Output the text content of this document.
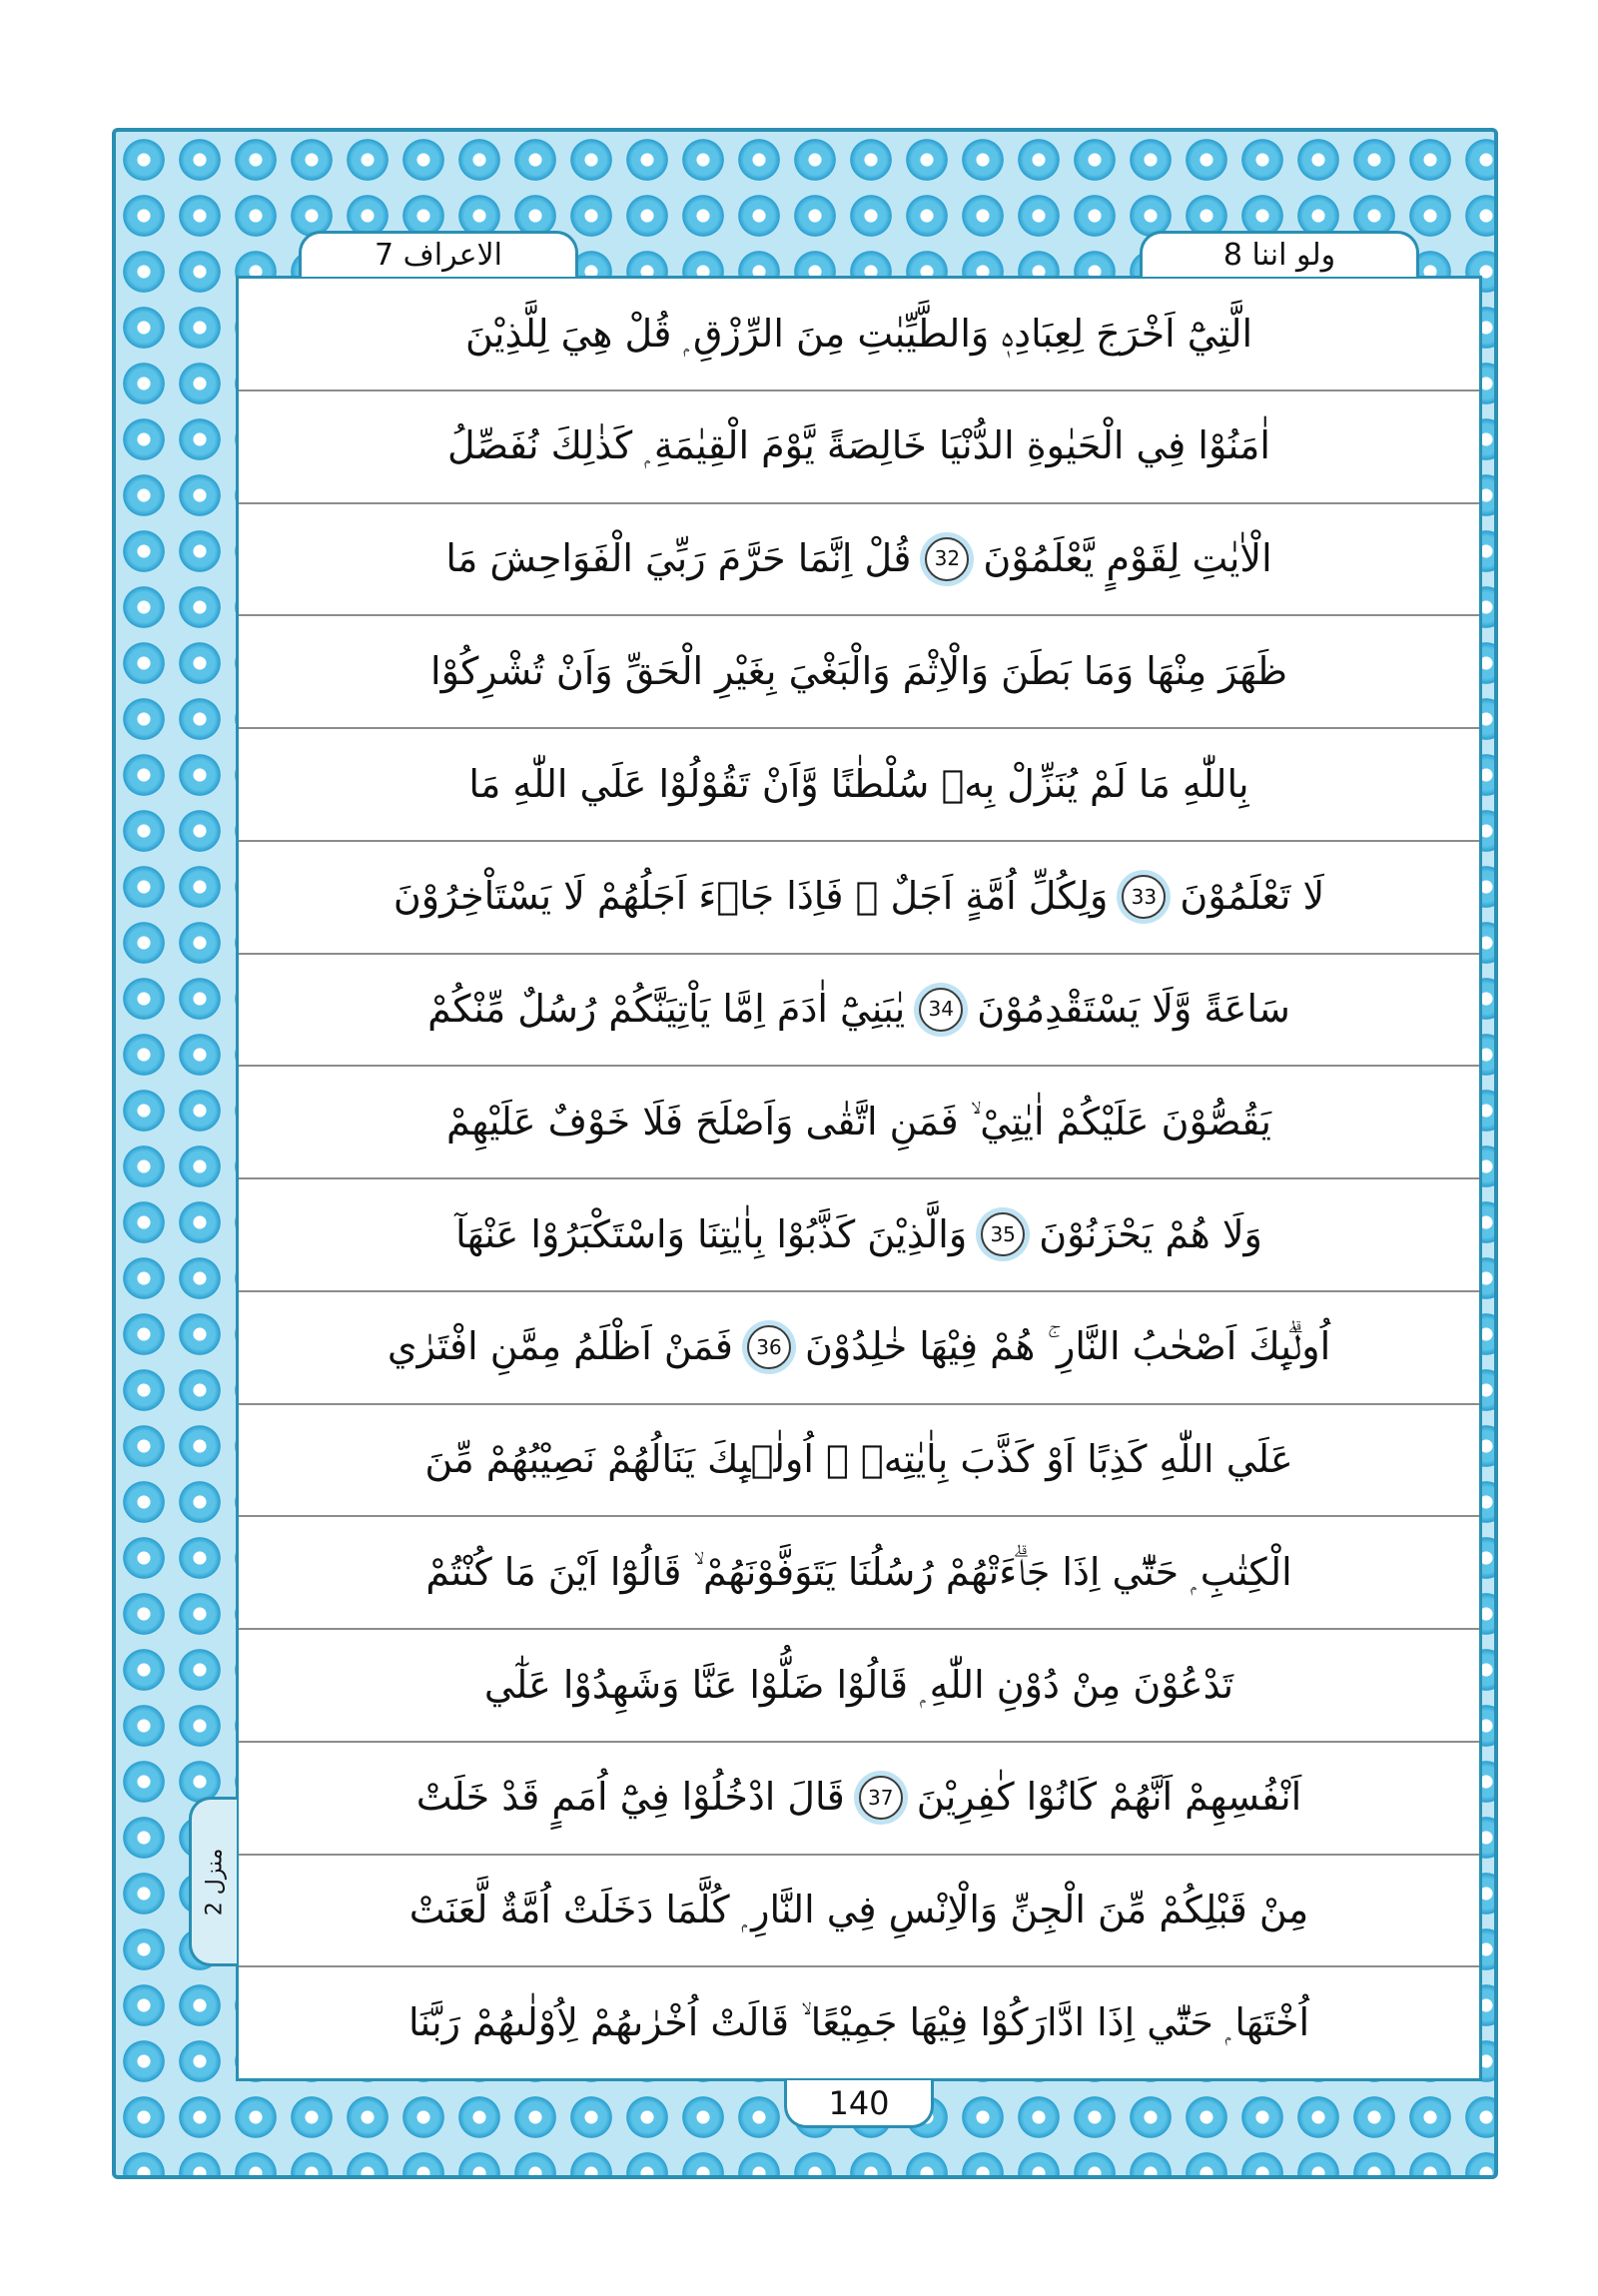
الاعراف 7	ولو اننا 8
منزل 2
الَّتِيْٓ اَخْرَجَ لِعِبَادِهٖ وَالطَّيِّبٰتِ مِنَ الرِّزْقِ ۭ قُلْ هِيَ لِلَّذِيْنَ
اٰمَنُوْا فِي الْحَيٰوةِ الدُّنْيَا خَالِصَةً يَّوْمَ الْقِيٰمَةِ ۭ كَذٰلِكَ نُفَصِّلُ
الْاٰيٰتِ لِقَوْمٍ يَّعْلَمُوْنَ
32
قُلْ اِنَّمَا حَرَّمَ رَبِّيَ الْفَوَاحِشَ مَا
ظَهَرَ مِنْهَا وَمَا بَطَنَ وَالْاِثْمَ وَالْبَغْيَ بِغَيْرِ الْحَقِّ وَاَنْ تُشْرِكُوْا
بِاللّٰهِ مَا لَمْ يُنَزِّلْ بِهٖ سُلْطٰنًا وَّاَنْ تَقُوْلُوْا عَلَي اللّٰهِ مَا
لَا تَعْلَمُوْنَ
33
وَلِكُلِّ اُمَّةٍ اَجَلٌ ۚ فَاِذَا جَاۗءَ اَجَلُهُمْ لَا يَسْتَاْخِرُوْنَ
سَاعَةً وَّلَا يَسْتَقْدِمُوْنَ
34
يٰبَنِيْٓ اٰدَمَ اِمَّا يَاْتِيَنَّكُمْ رُسُلٌ مِّنْكُمْ
يَقُصُّوْنَ عَلَيْكُمْ اٰيٰتِيْ ۙ فَمَنِ اتَّقٰى وَاَصْلَحَ فَلَا خَوْفٌ عَلَيْهِمْ
وَلَا هُمْ يَحْزَنُوْنَ
35
وَالَّذِيْنَ كَذَّبُوْا بِاٰيٰتِنَا وَاسْتَكْبَرُوْا عَنْهَآ
اُولٰۗىِٕكَ اَصْحٰبُ النَّارِ ۚ هُمْ فِيْهَا خٰلِدُوْنَ
36
فَمَنْ اَظْلَمُ مِمَّنِ افْتَرٰي
عَلَي اللّٰهِ كَذِبًا اَوْ كَذَّبَ بِاٰيٰتِهٖ ۭ اُولٰۗىِٕكَ يَنَالُهُمْ نَصِيْبُهُمْ مِّنَ
الْكِتٰبِ ۭ حَتّٰٓي اِذَا جَاۗءَتْهُمْ رُسُلُنَا يَتَوَفَّوْنَهُمْ ۙ قَالُوْٓا اَيْنَ مَا كُنْتُمْ
تَدْعُوْنَ مِنْ دُوْنِ اللّٰهِ ۭ قَالُوْا ضَلُّوْا عَنَّا وَشَهِدُوْا عَلٰٓي
اَنْفُسِهِمْ اَنَّهُمْ كَانُوْا كٰفِرِيْنَ
37
قَالَ ادْخُلُوْا فِيْٓ اُمَمٍ قَدْ خَلَتْ
مِنْ قَبْلِكُمْ مِّنَ الْجِنِّ وَالْاِنْسِ فِي النَّارِ ۭ كُلَّمَا دَخَلَتْ اُمَّةٌ لَّعَنَتْ
اُخْتَهَا ۭ حَتّٰٓي اِذَا ادَّارَكُوْا فِيْهَا جَمِيْعًا ۙ قَالَتْ اُخْرٰىهُمْ لِاُوْلٰىهُمْ رَبَّنَا
140
